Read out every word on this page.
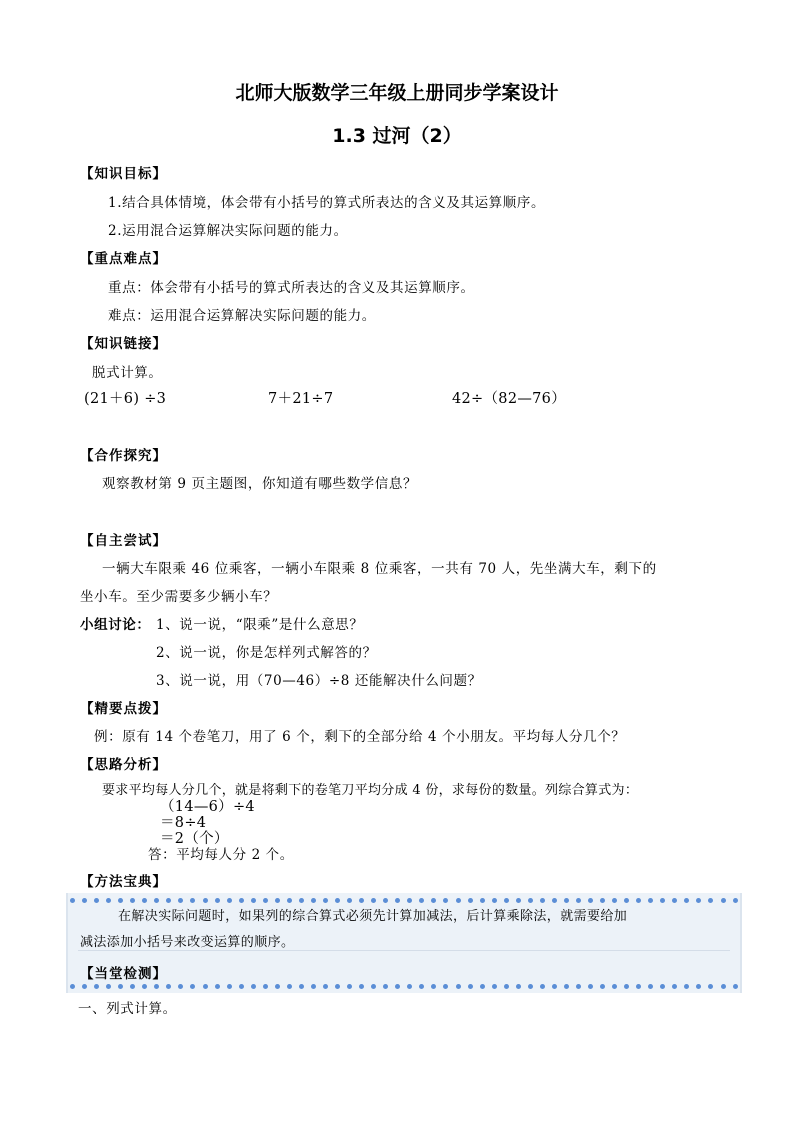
北师大版数学三年级上册同步学案设计
1.3 过河（2）
【知识目标】
1.结合具体情境，体会带有小括号的算式所表达的含义及其运算顺序。
2.运用混合运算解决实际问题的能力。
【重点难点】
重点：体会带有小括号的算式所表达的含义及其运算顺序。
难点：运用混合运算解决实际问题的能力。
【知识链接】
脱式计算。
(21＋6) ÷3	7＋21÷7	42÷（82—76）
【合作探究】
观察教材第 9 页主题图，你知道有哪些数学信息？
【自主尝试】
一辆大车限乘 46 位乘客，一辆小车限乘 8 位乘客，一共有 70 人，先坐满大车，剩下的
坐小车。至少需要多少辆小车？
小组讨论： 1、说一说，“限乘”是什么意思？
2、说一说，你是怎样列式解答的？
3、说一说，用（70—46）÷8 还能解决什么问题？
【精要点拨】
例：原有 14 个卷笔刀，用了 6 个，剩下的全部分给 4 个小朋友。平均每人分几个？
【思路分析】
要求平均每人分几个，就是将剩下的卷笔刀平均分成 4 份，求每份的数量。列综合算式为：
（14—6）÷4
＝8÷4
＝2（个）
答：平均每人分 2 个。
【方法宝典】
在解决实际问题时，如果列的综合算式必须先计算加减法，后计算乘除法，就需要给加
减法添加小括号来改变运算的顺序。
【当堂检测】
一、列式计算。
